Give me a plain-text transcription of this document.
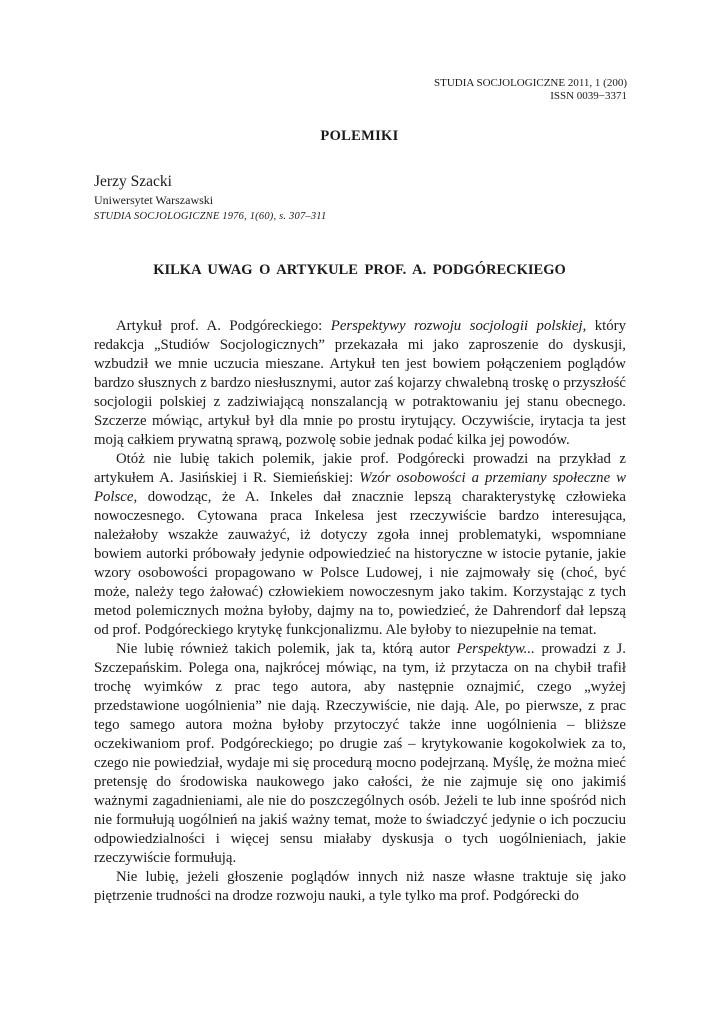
STUDIA SOCJOLOGICZNE 2011, 1 (200)
ISSN 0039−3371
POLEMIKI
Jerzy Szacki
Uniwersytet Warszawski
STUDIA SOCJOLOGICZNE 1976, 1(60), s. 307–311
KILKA UWAG O ARTYKULE PROF. A. PODGÓRECKIEGO

Artykuł prof. A. Podgóreckiego: Perspektywy rozwoju socjologii polskiej, który redakcja „Studiów Socjologicznych” przekazała mi jako zaproszenie do dyskusji, wzbudził we mnie uczucia mieszane. Artykuł ten jest bowiem połączeniem poglądów bardzo słusznych z bardzo niesłusznymi, autor zaś kojarzy chwalebną troskę o przyszłość socjologii polskiej z zadziwiającą nonszalancją w potraktowaniu jej stanu obecnego. Szczerze mówiąc, artykuł był dla mnie po prostu irytujący. Oczywiście, irytacja ta jest moją całkiem prywatną sprawą, pozwolę sobie jednak podać kilka jej powodów.

Otóż nie lubię takich polemik, jakie prof. Podgórecki prowadzi na przykład z artykułem A. Jasińskiej i R. Siemieńskiej: Wzór osobowości a przemiany społeczne w Polsce, dowodząc, że A. Inkeles dał znacznie lepszą charakterystykę człowieka nowoczesnego. Cytowana praca Inkelesa jest rzeczywiście bardzo interesująca, należałoby wszakże zauważyć, iż dotyczy zgoła innej problematyki, wspomniane bowiem autorki próbowały jedynie odpowiedzieć na historyczne w istocie pytanie, jakie wzory osobowości propagowano w Polsce Ludowej, i nie zajmowały się (choć, być może, należy tego żałować) człowiekiem nowoczesnym jako takim. Korzystając z tych metod polemicznych można byłoby, dajmy na to, powiedzieć, że Dahrendorf dał lepszą od prof. Podgóreckiego krytykę funkcjonalizmu. Ale byłoby to niezupełnie na temat.

Nie lubię również takich polemik, jak ta, którą autor Perspektyw... prowadzi z J. Szczepańskim. Polega ona, najkrócej mówiąc, na tym, iż przytacza on na chybił trafił trochę wyimków z prac tego autora, aby następnie oznajmić, czego „wyżej przedstawione uogólnienia” nie dają. Rzeczywiście, nie dają. Ale, po pierwsze, z prac tego samego autora można byłoby przytoczyć także inne uogólnienia – bliższe oczekiwaniom prof. Podgóreckiego; po drugie zaś – krytykowanie kogokolwiek za to, czego nie powiedział, wydaje mi się procedurą mocno podejrzaną. Myślę, że można mieć pretensję do środowiska naukowego jako całości, że nie zajmuje się ono jakimiś ważnymi zagadnieniami, ale nie do poszczególnych osób. Jeżeli te lub inne spośród nich nie formułują uogólnień na jakiś ważny temat, może to świadczyć jedynie o ich poczuciu odpowiedzialności i więcej sensu miałaby dyskusja o tych uogólnieniach, jakie rzeczywiście formułują.

Nie lubię, jeżeli głoszenie poglądów innych niż nasze własne traktuje się jako piętrzenie trudności na drodze rozwoju nauki, a tyle tylko ma prof. Podgórecki do
